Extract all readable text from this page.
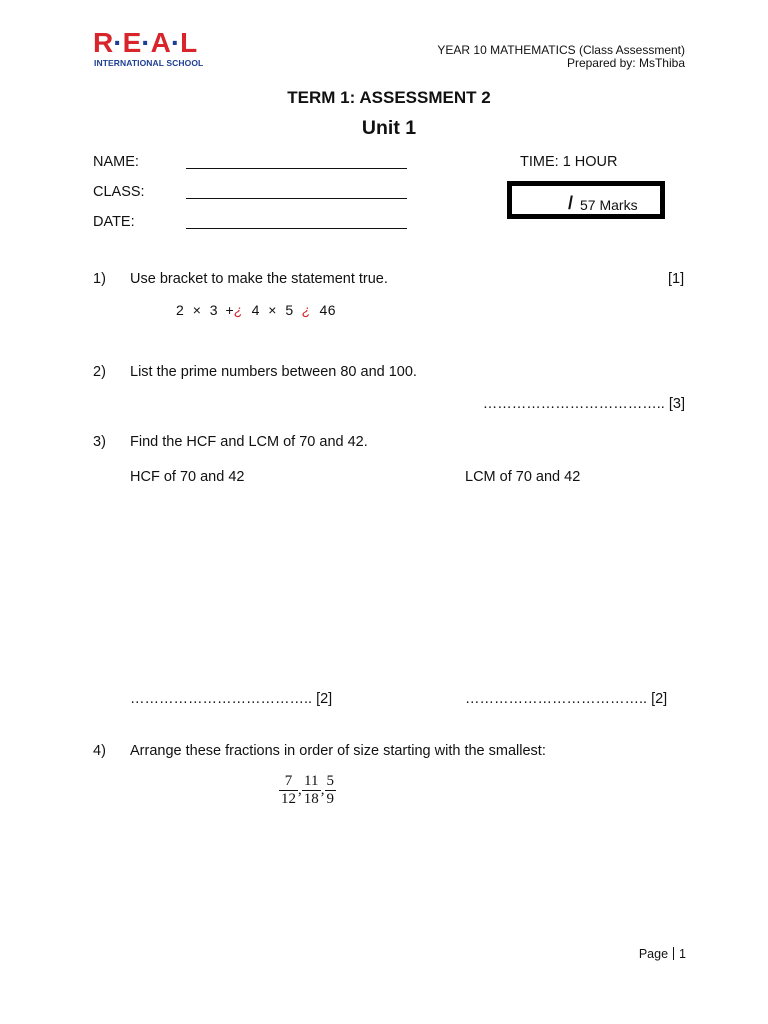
R·E·A·L
INTERNATIONAL SCHOOL
YEAR 10 MATHEMATICS (Class Assessment)
Prepared by: MsThiba
TERM 1: ASSESSMENT 2
Unit 1
NAME:
CLASS:
DATE:
TIME: 1 HOUR
/ 57 Marks
1) Use bracket to make the statement true.	[1]
2 × 3 +¿ 4 × 5 ¿ 46
2) List the prime numbers between 80 and 100.
……………………………….. [3]
3) Find the HCF and LCM of 70 and 42.
HCF of 70 and 42	LCM of 70 and 42
……………………………….. [2]	……………………………….. [2]
4) Arrange these fractions in order of size starting with the smallest:
$\frac{7}{12}$ , $\frac{11}{18}$ , $\frac{5}{9}$
Page 1
